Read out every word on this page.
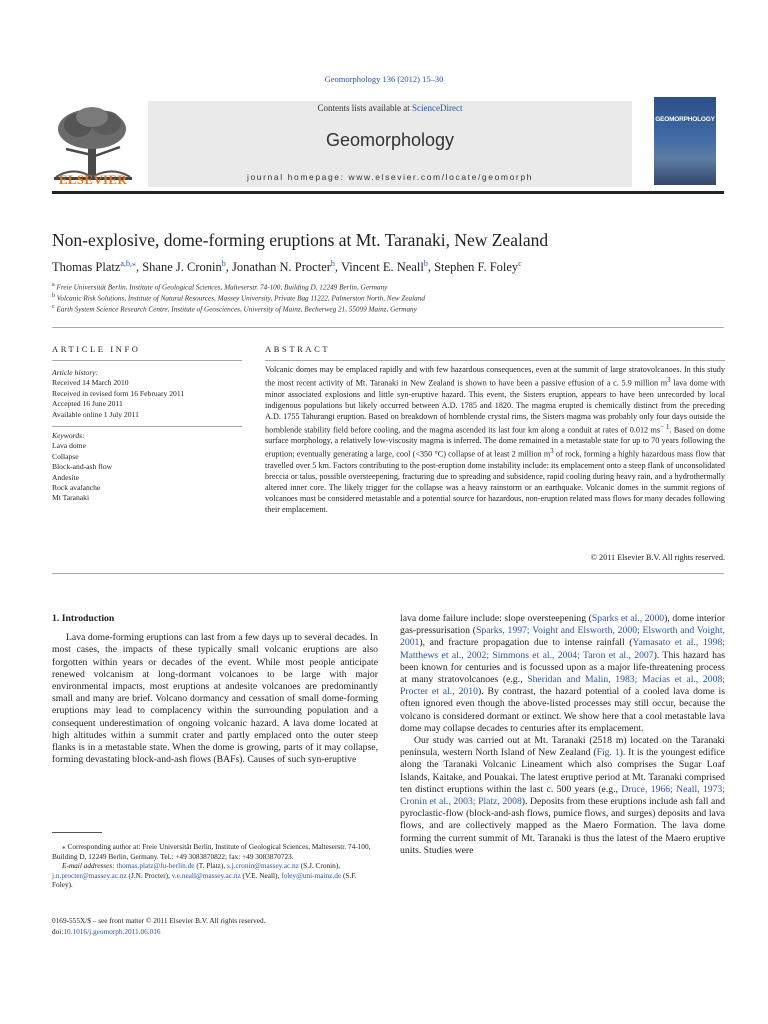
Geomorphology 136 (2012) 15–30
ELSEVIER
Contents lists available at ScienceDirect
Geomorphology
journal homepage: www.elsevier.com/locate/geomorph
GEOMORPHOLOGY
Non-explosive, dome-forming eruptions at Mt. Taranaki, New Zealand
Thomas Platz$^{a,b,⁎}$, Shane J. Cronin$^b$, Jonathan N. Procter$^b$, Vincent E. Neall$^b$, Stephen F. Foley$^c$
$^a$ Freie Universität Berlin, Institute of Geological Sciences, Malteserstr. 74-100, Building D, 12249 Berlin, Germany
$^b$ Volcanic Risk Solutions, Institute of Natural Resources, Massey University, Private Bag 11222, Palmerston North, New Zealand
$^c$ Earth System Science Research Centre, Institute of Geosciences, University of Mainz, Becherweg 21, 55099 Mainz, Germany
ARTICLE INFO
Article history:
Received 14 March 2010
Received in revised form 16 February 2011
Accepted 16 June 2011
Available online 1 July 2011
Keywords:
Lava dome
Collapse
Block-and-ash flow
Andesite
Rock avalanche
Mt Taranaki
ABSTRACT
Volcanic domes may be emplaced rapidly and with few hazardous consequences, even at the summit of large stratovolcanoes. In this study the most recent activity of Mt. Taranaki in New Zealand is shown to have been a passive effusion of a c. 5.9 million $m^3$ lava dome with minor associated explosions and little syn-eruptive hazard. This event, the Sisters eruption, appears to have been unrecorded by local indigenous populations but likely occurred between A.D. 1785 and 1820. The magma erupted is chemically distinct from the preceding A.D. 1755 Tahurangi eruption. Based on breakdown of hornblende crystal rims, the Sisters magma was probably only four days outside the hornblende stability field before cooling, and the magma ascended its last four km along a conduit at rates of 0.012 $ms^{- 1}$. Based on dome surface morphology, a relatively low-viscosity magma is inferred. The dome remained in a metastable state for up to 70 years following the eruption; eventually generating a large, cool (<350 °C) collapse of at least 2 million $m^3$ of rock, forming a highly hazardous mass flow that travelled over 5 km. Factors contributing to the post-eruption dome instability include: its emplacement onto a steep flank of unconsolidated breccia or talus, possible oversteepening, fracturing due to spreading and subsidence, rapid cooling during heavy rain, and a hydrothermally altered inner core. The likely trigger for the collapse was a heavy rainstorm or an earthquake. Volcanic domes in the summit regions of volcanoes must be considered metastable and a potential source for hazardous, non-eruption related mass flows for many decades following their emplacement.
© 2011 Elsevier B.V. All rights reserved.

1. Introduction

Lava dome-forming eruptions can last from a few days up to several decades. In most cases, the impacts of these typically small volcanic eruptions are also forgotten within years or decades of the event. While most people anticipate renewed volcanism at long-dormant volcanoes to be large with major environmental impacts, most eruptions at andesite volcanoes are predominantly small and many are brief. Volcano dormancy and cessation of small dome-forming eruptions may lead to complacency within the surrounding population and a consequent underestimation of ongoing volcanic hazard. A lava dome located at high altitudes within a summit crater and partly emplaced onto the outer steep flanks is in a metastable state. When the dome is growing, parts of it may collapse, forming devastating block-and-ash flows (BAFs). Causes of such syn-eruptive

⁎ Corresponding author at: Freie Universität Berlin, Institute of Geological Sciences, Malteserstr. 74-100, Building D, 12249 Berlin, Germany. Tel.: +49 3083870822; fax: +49 3083870723.

E-mail addresses: thomas.platz@fu-berlin.de (T. Platz), s.j.cronin@massey.ac.nz (S.J. Cronin), j.n.procter@massey.ac.nz (J.N. Procter), v.e.neall@massey.ac.nz (V.E. Neall), foley@uni-mainz.de (S.F. Foley).

0169-555X/$ – see front matter © 2011 Elsevier B.V. All rights reserved.
doi:10.1016/j.geomorph.2011.06.016

lava dome failure include: slope oversteepening (Sparks et al., 2000), dome interior gas-pressurisation (Sparks, 1997; Voight and Elsworth, 2000; Elsworth and Voight, 2001), and fracture propagation due to intense rainfall (Yamasato et al., 1998; Matthews et al., 2002; Simmons et al., 2004; Taron et al., 2007). This hazard has been known for centuries and is focussed upon as a major life-threatening process at many stratovolcanoes (e.g., Sheridan and Malin, 1983; Macias et al., 2008; Procter et al., 2010). By contrast, the hazard potential of a cooled lava dome is often ignored even though the above-listed processes may still occur, because the volcano is considered dormant or extinct. We show here that a cool metastable lava dome may collapse decades to centuries after its emplacement.

Our study was carried out at Mt. Taranaki (2518 m) located on the Taranaki peninsula, western North Island of New Zealand (Fig. 1). It is the youngest edifice along the Taranaki Volcanic Lineament which also comprises the Sugar Loaf Islands, Kaitake, and Pouakai. The latest eruptive period at Mt. Taranaki comprised ten distinct eruptions within the last c. 500 years (e.g., Druce, 1966; Neall, 1973; Cronin et al., 2003; Platz, 2008). Deposits from these eruptions include ash fall and pyroclastic-flow (block-and-ash flows, pumice flows, and surges) deposits and lava flows, and are collectively mapped as the Maero Formation. The lava dome forming the current summit of Mt. Taranaki is thus the latest of the Maero eruptive units. Studies were
